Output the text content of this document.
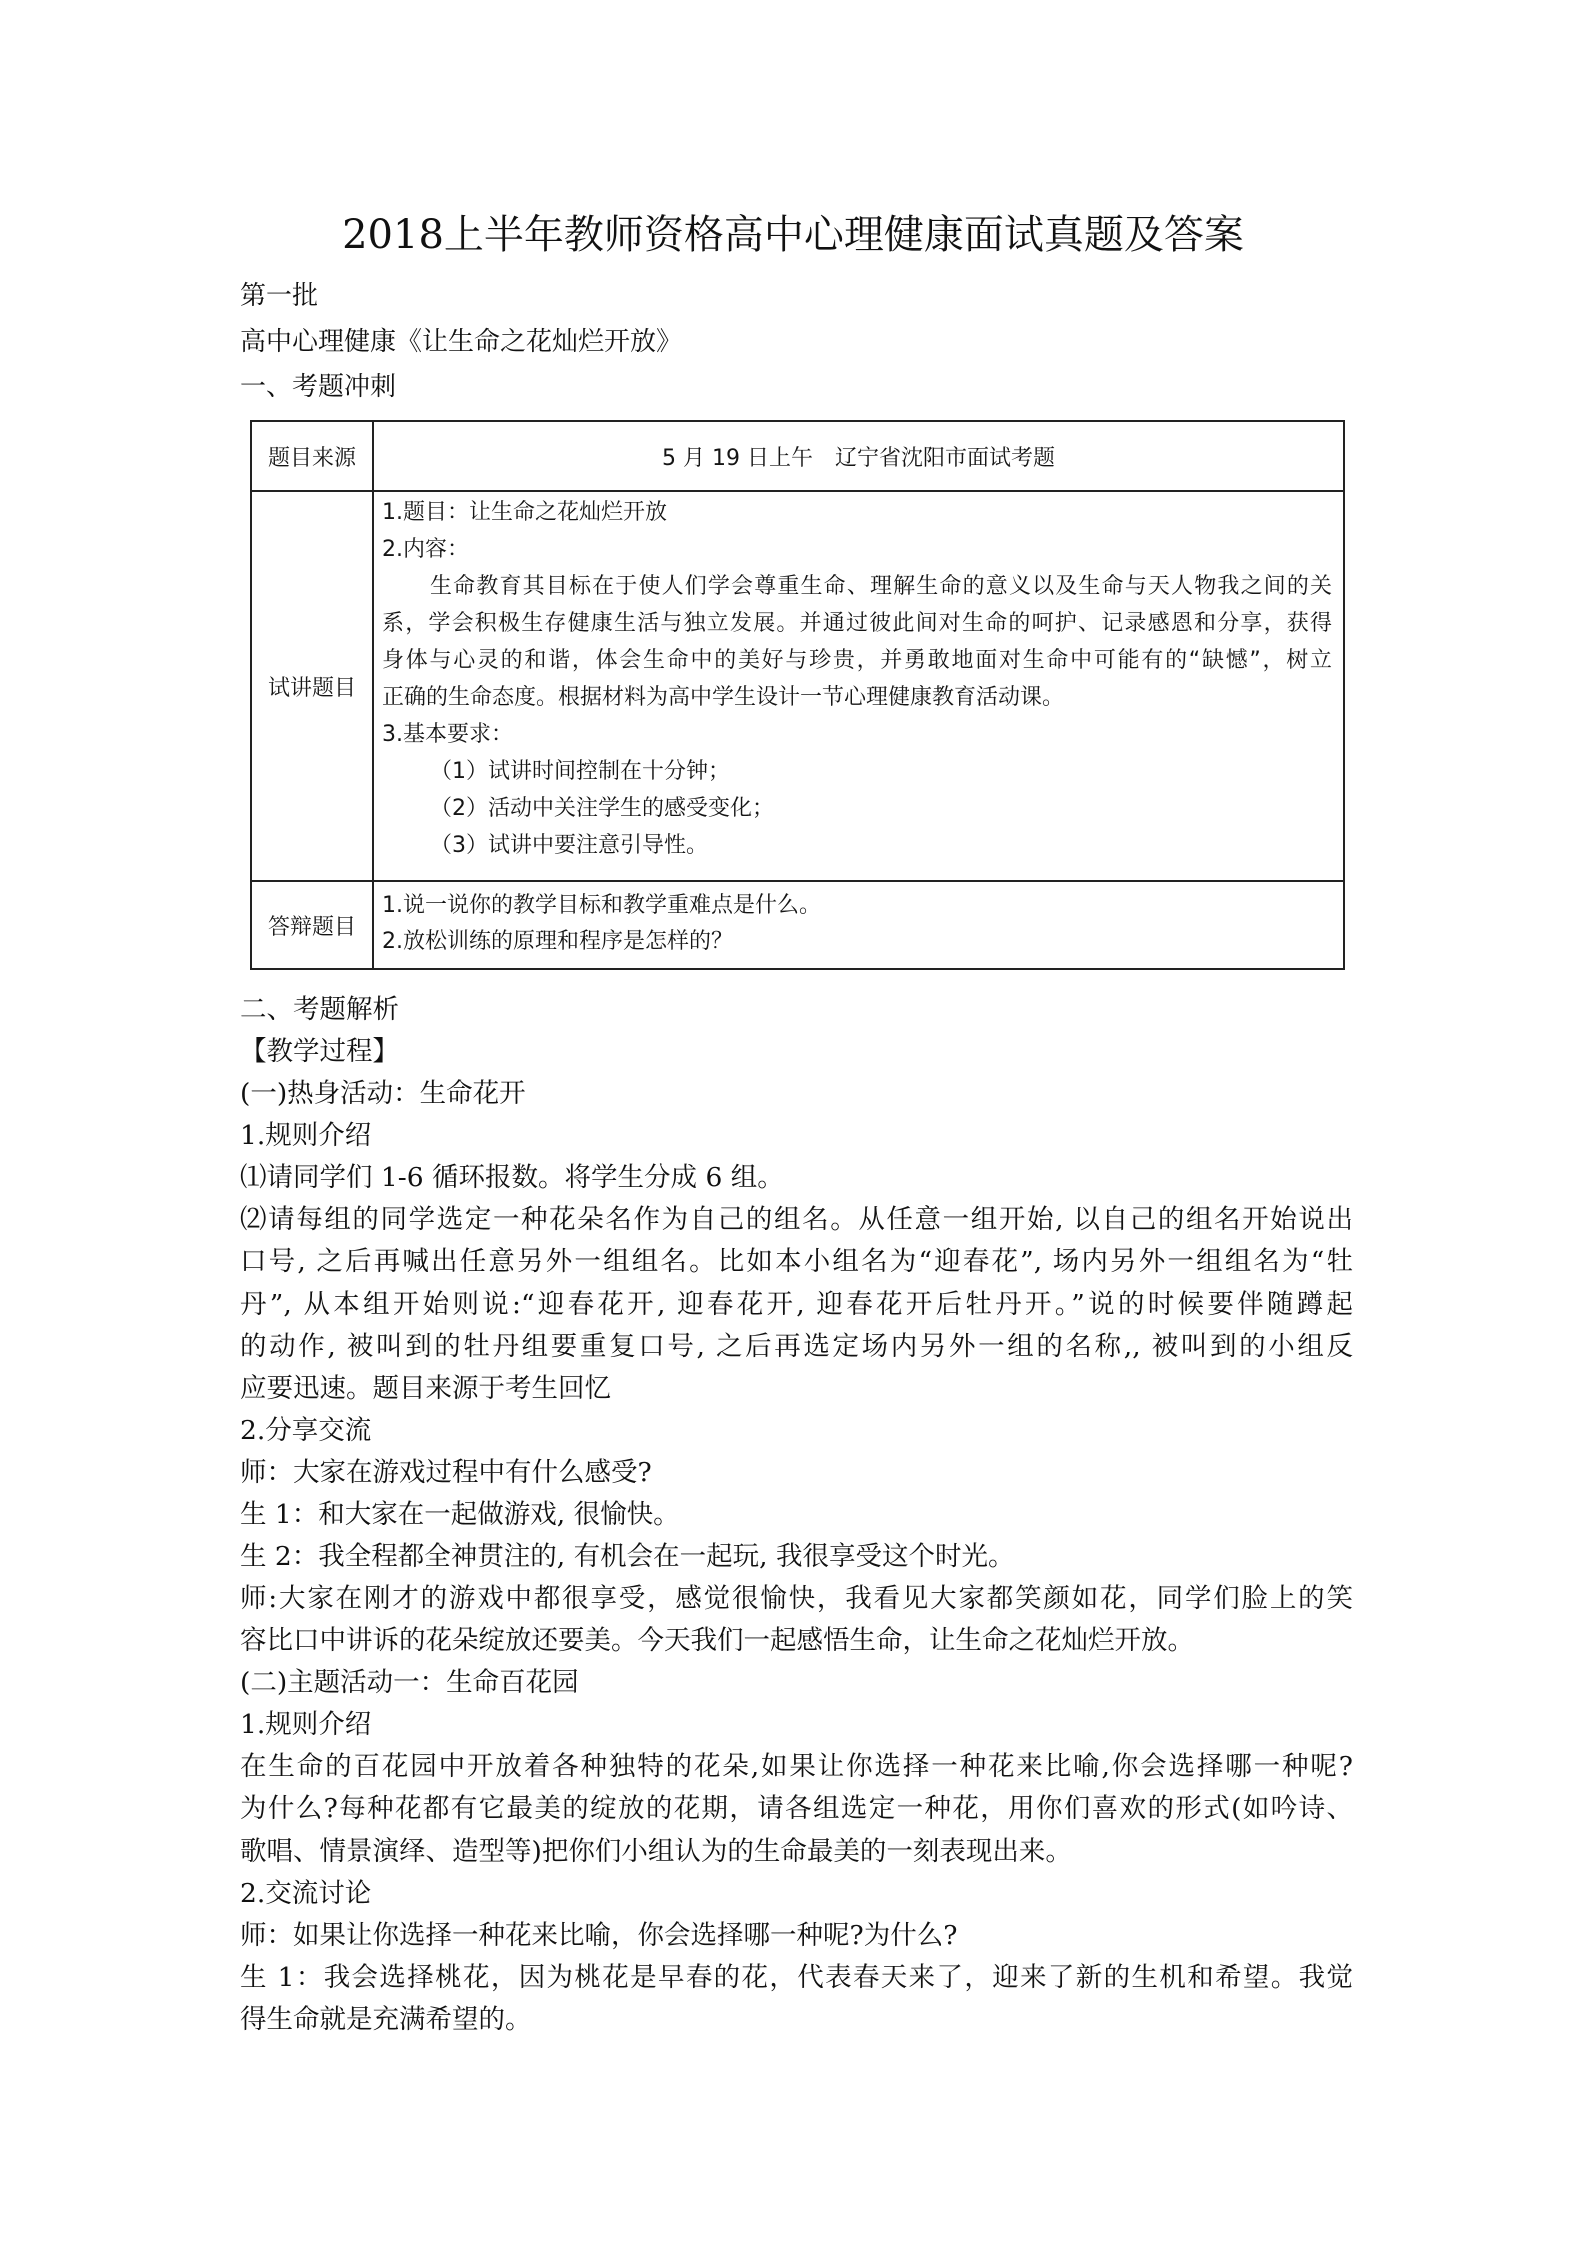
2018上半年教师资格高中心理健康面试真题及答案
第一批
高中心理健康《让生命之花灿烂开放》
一、考题冲刺
题目来源	5 月 19 日上午　辽宁省沈阳市面试考题
试讲题目
1.题目：让生命之花灿烂开放
2.内容：
生命教育其目标在于使人们学会尊重生命、理解生命的意义以及生命与天人物我之间的关
系，学会积极生存健康生活与独立发展。并通过彼此间对生命的呵护、记录感恩和分享，获得
身体与心灵的和谐，体会生命中的美好与珍贵，并勇敢地面对生命中可能有的“缺憾”，树立
正确的生命态度。根据材料为高中学生设计一节心理健康教育活动课。
3.基本要求：
（1）试讲时间控制在十分钟；
（2）活动中关注学生的感受变化；
（3）试讲中要注意引导性。
答辩题目
1.说一说你的教学目标和教学重难点是什么。
2.放松训练的原理和程序是怎样的？
二、考题解析
【教学过程】
(一)热身活动：生命花开
1.规则介绍
⑴请同学们 1-6 循环报数。将学生分成 6 组。
⑵请每组的同学选定一种花朵名作为自己的组名。从任意一组开始, 以自己的组名开始说出
口号, 之后再喊出任意另外一组组名。比如本小组名为“迎春花”, 场内另外一组组名为“牡
丹”, 从本组开始则说:“迎春花开, 迎春花开, 迎春花开后牡丹开。”说的时候要伴随蹲起
的动作, 被叫到的牡丹组要重复口号, 之后再选定场内另外一组的名称,, 被叫到的小组反
应要迅速。题目来源于考生回忆
2.分享交流
师：大家在游戏过程中有什么感受?
生 1：和大家在一起做游戏, 很愉快。
生 2：我全程都全神贯注的, 有机会在一起玩, 我很享受这个时光。
师:大家在刚才的游戏中都很享受，感觉很愉快，我看见大家都笑颜如花，同学们脸上的笑
容比口中讲诉的花朵绽放还要美。今天我们一起感悟生命，让生命之花灿烂开放。
(二)主题活动一：生命百花园
1.规则介绍
在生命的百花园中开放着各种独特的花朵,如果让你选择一种花来比喻,你会选择哪一种呢?
为什么?每种花都有它最美的绽放的花期，请各组选定一种花，用你们喜欢的形式(如吟诗、
歌唱、情景演绎、造型等)把你们小组认为的生命最美的一刻表现出来。
2.交流讨论
师：如果让你选择一种花来比喻，你会选择哪一种呢?为什么?
生 1：我会选择桃花，因为桃花是早春的花，代表春天来了，迎来了新的生机和希望。我觉
得生命就是充满希望的。
